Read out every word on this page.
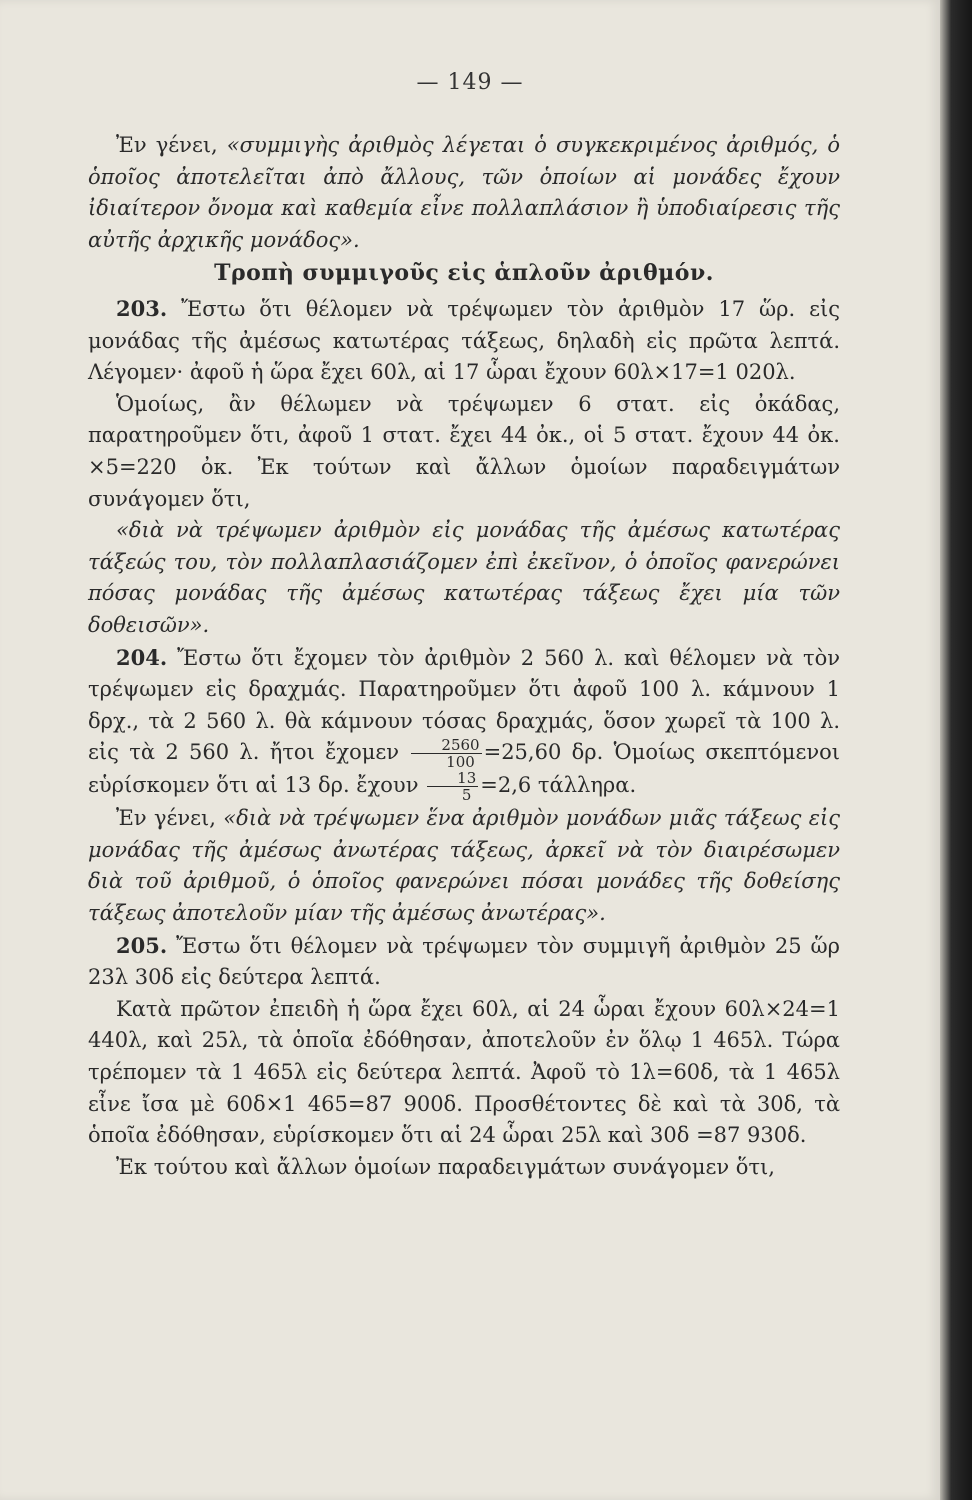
— 149 —

Ἐν γένει, «συμμιγὴς ἀριθμὸς λέγεται ὁ συγκεκριμένος ἀριθμός, ὁ ὁποῖος ἀποτελεῖται ἀπὸ ἄλλους, τῶν ὁποίων αἱ μονάδες ἔχουν ἰδιαίτερον ὄνομα καὶ καθεμία εἶνε πολλαπλάσιον ἢ ὑποδιαίρεσις τῆς αὐτῆς ἀρχικῆς μονάδος».

Τροπὴ συμμιγοῦς εἰς ἁπλοῦν ἀριθμόν.

203. Ἔστω ὅτι θέλομεν νὰ τρέψωμεν τὸν ἀριθμὸν 17 ὥρ. εἰς μονάδας τῆς ἀμέσως κατωτέρας τάξεως, δηλαδὴ εἰς πρῶτα λεπτά. Λέγομεν· ἀφοῦ ἡ ὥρα ἔχει 60λ, αἱ 17 ὧραι ἔχουν 60λ×17=1 020λ.

Ὁμοίως, ἂν θέλωμεν νὰ τρέψωμεν 6 στατ. εἰς ὀκάδας, παρατηροῦμεν ὅτι, ἀφοῦ 1 στατ. ἔχει 44 ὀκ., οἱ 5 στατ. ἔχουν 44 ὀκ. ×5=220 ὀκ. Ἐκ τούτων καὶ ἄλλων ὁμοίων παραδειγμάτων συνάγομεν ὅτι,

«διὰ νὰ τρέψωμεν ἀριθμὸν εἰς μονάδας τῆς ἀμέσως κατωτέρας τάξεώς του, τὸν πολλαπλασιάζομεν ἐπὶ ἐκεῖνον, ὁ ὁποῖος φανερώνει πόσας μονάδας τῆς ἀμέσως κατωτέρας τάξεως ἔχει μία τῶν δοθεισῶν».

204. Ἔστω ὅτι ἔχομεν τὸν ἀριθμὸν 2 560 λ. καὶ θέλομεν νὰ τὸν τρέψωμεν εἰς δραχμάς. Παρατηροῦμεν ὅτι ἀφοῦ 100 λ. κάμνουν 1 δρχ., τὰ 2 560 λ. θὰ κάμνουν τόσας δραχμάς, ὅσον χωρεῖ τὰ 100 λ. εἰς τὰ 2 560 λ. ἤτοι ἔχομεν $\frac{2560}{100} =25,60$ δρ. Ὁμοίως σκεπτόμενοι εὑρίσκομεν ὅτι αἱ 13 δρ. ἔχουν $\frac{13}{5} =2,6$ τάλληρα.

Ἐν γένει, «διὰ νὰ τρέψωμεν ἕνα ἀριθμὸν μονάδων μιᾶς τάξεως εἰς μονάδας τῆς ἀμέσως ἀνωτέρας τάξεως, ἀρκεῖ νὰ τὸν διαιρέσωμεν διὰ τοῦ ἀριθμοῦ, ὁ ὁποῖος φανερώνει πόσαι μονάδες τῆς δοθείσης τάξεως ἀποτελοῦν μίαν τῆς ἀμέσως ἀνωτέρας».

205. Ἔστω ὅτι θέλομεν νὰ τρέψωμεν τὸν συμμιγῆ ἀριθμὸν 25 ὥρ 23λ 30δ εἰς δεύτερα λεπτά.

Κατὰ πρῶτον ἐπειδὴ ἡ ὥρα ἔχει 60λ, αἱ 24 ὧραι ἔχουν 60λ×24=1 440λ, καὶ 25λ, τὰ ὁποῖα ἐδόθησαν, ἀποτελοῦν ἐν ὅλῳ 1 465λ. Τώρα τρέπομεν τὰ 1 465λ εἰς δεύτερα λεπτά. Ἀφοῦ τὸ 1λ=60δ, τὰ 1 465λ εἶνε ἴσα μὲ 60δ×1 465=87 900δ. Προσθέτοντες δὲ καὶ τὰ 30δ, τὰ ὁποῖα ἐδόθησαν, εὑρίσκομεν ὅτι αἱ 24 ὧραι 25λ καὶ 30δ =87 930δ.

Ἐκ τούτου καὶ ἄλλων ὁμοίων παραδειγμάτων συνάγομεν ὅτι,
